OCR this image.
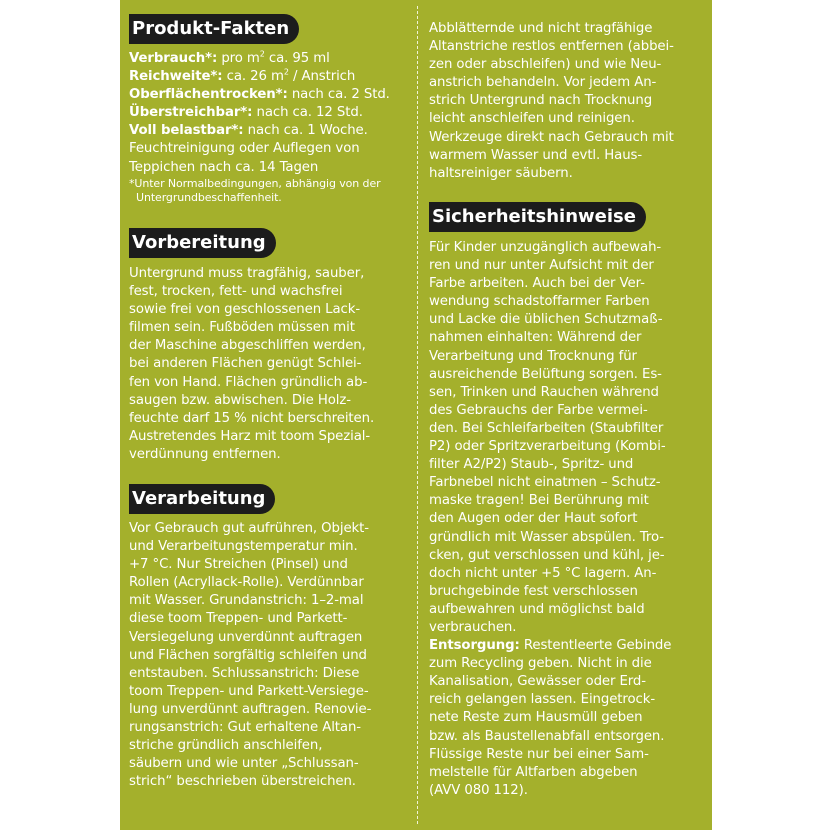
Produkt-Fakten

Verbrauch*: pro $m^2$ ca. 95 ml

Reichweite*: ca. 26 $m^2$ / Anstrich

Oberflächentrocken*: nach ca. 2 Std.

Überstreichbar*: nach ca. 12 Std.

Voll belastbar*: nach ca. 1 Woche.

Feuchtreinigung oder Auflegen von

Teppichen nach ca. 14 Tagen

*Unter Normalbedingungen, abhängig von der

Untergrundbeschaffenheit.

Vorbereitung

Untergrund muss tragfähig, sauber,

fest, trocken, fett- und wachsfrei

sowie frei von geschlossenen Lack-

filmen sein. Fußböden müssen mit

der Maschine abgeschliffen werden,

bei anderen Flächen genügt Schlei-

fen von Hand. Flächen gründlich ab-

saugen bzw. abwischen. Die Holz-

feuchte darf 15 % nicht berschreiten.

Austretendes Harz mit toom Spezial-

verdünnung entfernen.

Verarbeitung

Vor Gebrauch gut aufrühren, Objekt-

und Verarbeitungstemperatur min.

+7 °C. Nur Streichen (Pinsel) und

Rollen (Acryllack-Rolle). Verdünnbar

mit Wasser. Grundanstrich: 1–2-mal

diese toom Treppen- und Parkett-

Versiegelung unverdünnt auftragen

und Flächen sorgfältig schleifen und

entstauben. Schlussanstrich: Diese

toom Treppen- und Parkett-Versiege-

lung unverdünnt auftragen. Renovie-

rungsanstrich: Gut erhaltene Altan-

striche gründlich anschleifen,

säubern und wie unter „Schlussan-

strich“ beschrieben überstreichen.

Abblätternde und nicht tragfähige

Altanstriche restlos entfernen (abbei-

zen oder abschleifen) und wie Neu-

anstrich behandeln. Vor jedem An-

strich Untergrund nach Trocknung

leicht anschleifen und reinigen.

Werkzeuge direkt nach Gebrauch mit

warmem Wasser und evtl. Haus-

haltsreiniger säubern.

Sicherheitshinweise

Für Kinder unzugänglich aufbewah-

ren und nur unter Aufsicht mit der

Farbe arbeiten. Auch bei der Ver-

wendung schadstoffarmer Farben

und Lacke die üblichen Schutzmaß-

nahmen einhalten: Während der

Verarbeitung und Trocknung für

ausreichende Belüftung sorgen. Es-

sen, Trinken und Rauchen während

des Gebrauchs der Farbe vermei-

den. Bei Schleifarbeiten (Staubfilter

P2) oder Spritzverarbeitung (Kombi-

filter A2/P2) Staub-, Spritz- und

Farbnebel nicht einatmen – Schutz-

maske tragen! Bei Berührung mit

den Augen oder der Haut sofort

gründlich mit Wasser abspülen. Tro-

cken, gut verschlossen und kühl, je-

doch nicht unter +5 °C lagern. An-

bruchgebinde fest verschlossen

aufbewahren und möglichst bald

verbrauchen.

Entsorgung: Restentleerte Gebinde

zum Recycling geben. Nicht in die

Kanalisation, Gewässer oder Erd-

reich gelangen lassen. Eingetrock-

nete Reste zum Hausmüll geben

bzw. als Baustellenabfall entsorgen.

Flüssige Reste nur bei einer Sam-

melstelle für Altfarben abgeben

(AVV 080 112).
